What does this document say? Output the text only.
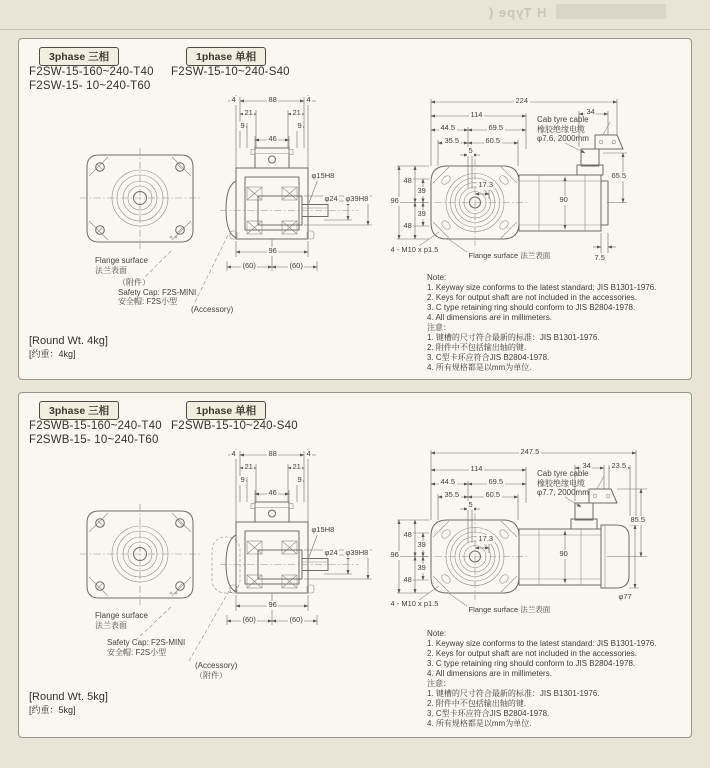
H Type (
3phase 三相	1phase 单相
F2SW-15-160~240-T40
F2SW-15- 10~240-T60
F2SW-15-10~240-S40
Flange surface
法兰表面
（附件）
Safety Cap: F2S-MINI
安全帽: F2S小型
(Accessory)
4	88	4
21	21
9	9
46
φ15H8
φ24 φ39H8
96
(60)	(60)
224
114	34
44.5	69.5
35.5	60.5
5
48
39
96
39
48
17.3
90
65.5
7.5
4 - M10 x p1.5
Flange surface 法兰表面
Cab tyre cable
橡胶绝缘电缆
φ7.6, 2000mm
Note:
1. Keyway size conforms to the latest standard: JIS B1301-1976.
2. Keys for output shaft are not included in the accessories.
3. C type retaining ring should conform to JIS B2804-1978.
4. All dimensions are in millimeters.
注意：
1. 键槽的尺寸符合最新的标准：JIS B1301-1976.
2. 附件中不包括输出轴的键.
3. C型卡环应符合JIS B2804-1978.
4. 所有规格都是以mm为单位.
[Round Wt. 4kg]
[约重：4kg]
3phase 三相	1phase 单相
F2SWB-15-160~240-T40
F2SWB-15- 10~240-T60
F2SWB-15-10~240-S40
Flange surface
法兰表面
Safety Cap: F2S-MINI
安全帽: F2S小型
(Accessory)
（附件）
4	88	4
21	21
9	9
46
φ15H8
φ24 φ39H8
96
(60)	(60)
247.5
114	34	23.5
44.5	69.5
35.5	60.5
5
48
39
96
39
48
17.3
90
85.5
φ77
4 - M10 x p1.5
Flange surface 法兰表面
Cab tyre cable
橡胶绝缘电缆
φ7.7, 2000mm
Note:
1. Keyway size conforms to the latest standard: JIS B1301-1976.
2. Keys for output shaft are not included in the accessories.
3. C type retaining ring should conform to JIS B2804-1978.
4. All dimensions are in millimeters.
注意：
1. 键槽的尺寸符合最新的标准：JIS B1301-1976.
2. 附件中不包括输出轴的键.
3. C型卡环应符合JIS B2804-1978.
4. 所有规格都是以mm为单位.
[Round Wt. 5kg]
[约重：5kg]
